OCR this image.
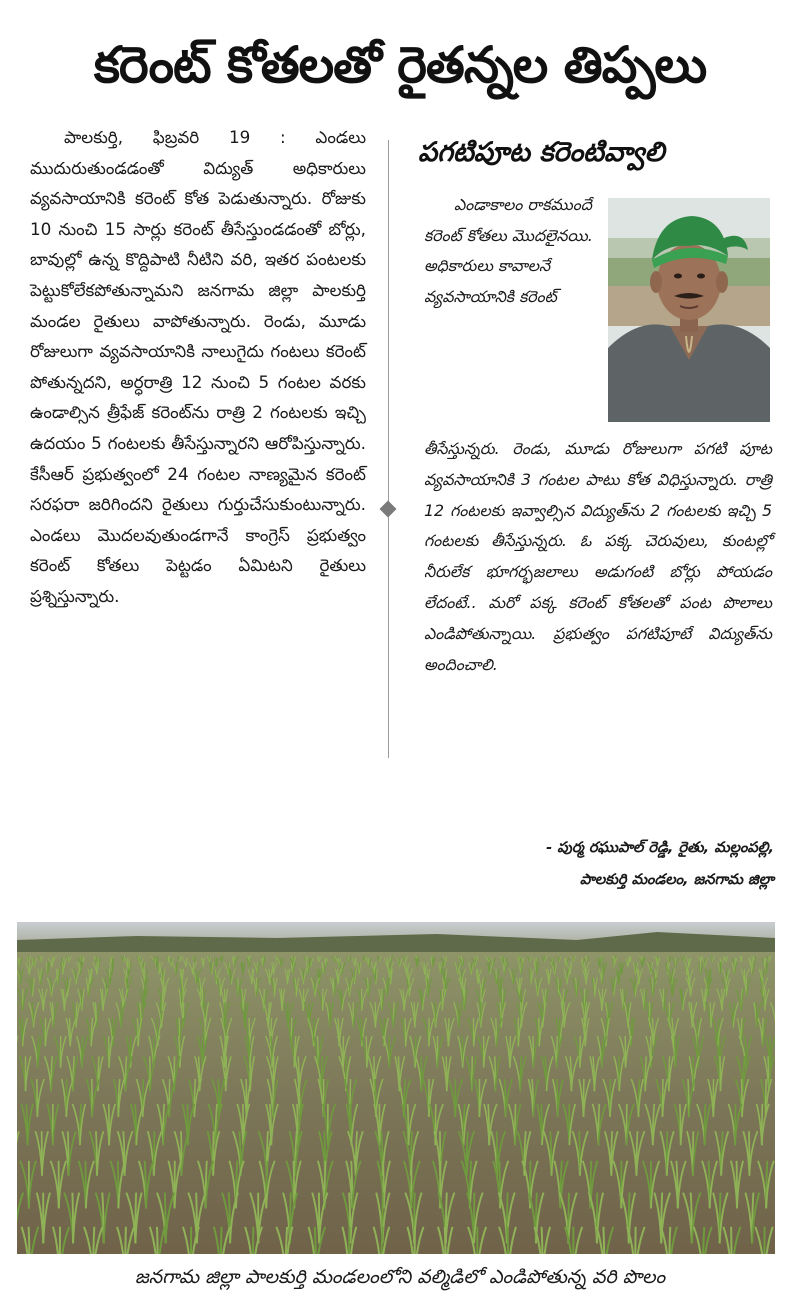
కరెంట్‌ కోతలతో రైతన్నల తిప్పలు
పాలకుర్తి, ఫిబ్రవరి 19 : ఎండలు ముదురుతుండడంతో విద్యుత్‌ అధికారులు వ్యవసాయానికి కరెంట్‌ కోత పెడుతున్నారు. రోజుకు 10 నుంచి 15 సార్లు కరెంట్‌ తీసేస్తుండడంతో బోర్లు, బావుల్లో ఉన్న కొద్దిపాటి నీటిని వరి, ఇతర పంటలకు పెట్టుకోలేకపోతున్నామని జనగామ జిల్లా పాలకుర్తి మండల రైతులు వాపోతున్నారు. రెండు, మూడు రోజులుగా వ్యవసాయానికి నాలుగైదు గంటలు కరెంట్‌ పోతున్నదని, అర్ధరాత్రి 12 నుంచి 5 గంటల వరకు ఉండాల్సిన త్రీఫేజ్‌ కరెంట్‌ను రాత్రి 2 గంటలకు ఇచ్చి ఉదయం 5 గంటలకు తీసేస్తున్నారని ఆరోపిస్తున్నారు. కేసీఆర్‌ ప్రభుత్వంలో 24 గంటల నాణ్యమైన కరెంట్‌ సరఫరా జరిగిందని రైతులు గుర్తుచేసుకుంటున్నారు. ఎండలు మొదలవుతుండగానే కాంగ్రెస్‌ ప్రభుత్వం కరెంట్‌ కోతలు పెట్టడం ఏమిటని రైతులు ప్రశ్నిస్తున్నారు.
పగటిపూట కరెంటివ్వాలి
ఎండాకాలం రాకముందే కరెంట్‌ కోతలు మొదలైనయి. అధికారులు కావాలనే వ్యవసాయానికి కరెంట్‌
తీసేస్తున్నరు. రెండు, మూడు రోజులుగా పగటి పూట వ్యవసాయానికి 3 గంటల పాటు కోత విధిస్తున్నారు. రాత్రి 12 గంటలకు ఇవ్వాల్సిన విద్యుత్‌ను 2 గంటలకు ఇచ్చి 5 గంటలకు తీసేస్తున్నరు. ఓ పక్క చెరువులు, కుంటల్లో నీరులేక భూగర్భజలాలు అడుగంటి బోర్లు పోయడం లేదంటే.. మరో పక్క కరెంట్‌ కోతలతో పంట పొలాలు ఎండిపోతున్నాయి. ప్రభుత్వం పగటిపూటే విద్యుత్‌ను అందించాలి.
- పుర్మ రఘుపాల్‌ రెడ్డి, రైతు, మల్లంపల్లి,
పాలకుర్తి మండలం, జనగామ జిల్లా
జనగామ జిల్లా పాలకుర్తి మండలంలోని వల్మిడిలో ఎండిపోతున్న వరి పొలం
